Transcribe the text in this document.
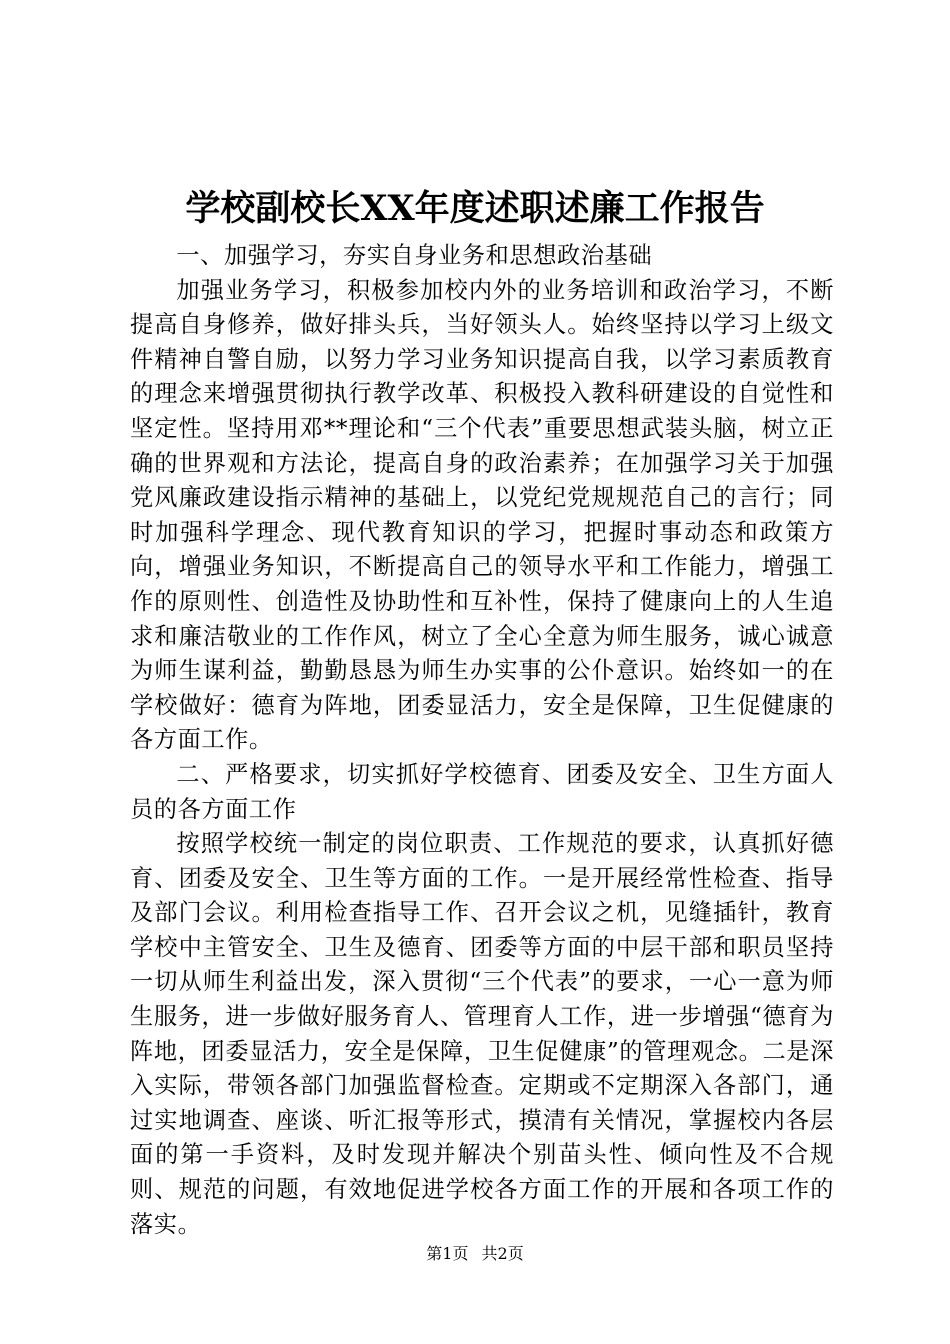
学校副校长XX年度述职述廉工作报告

一、加强学习，夯实自身业务和思想政治基础

加强业务学习，积极参加校内外的业务培训和政治学习，不断提高自身修养，做好排头兵，当好领头人。始终坚持以学习上级文件精神自警自励，以努力学习业务知识提高自我，以学习素质教育的理念来增强贯彻执行教学改革、积极投入教科研建设的自觉性和坚定性。坚持用邓**理论和“三个代表”重要思想武装头脑，树立正确的世界观和方法论，提高自身的政治素养；在加强学习关于加强党风廉政建设指示精神的基础上，以党纪党规规范自己的言行；同时加强科学理念、现代教育知识的学习，把握时事动态和政策方向，增强业务知识，不断提高自己的领导水平和工作能力，增强工作的原则性、创造性及协助性和互补性，保持了健康向上的人生追求和廉洁敬业的工作作风，树立了全心全意为师生服务，诚心诚意为师生谋利益，勤勤恳恳为师生办实事的公仆意识。始终如一的在学校做好：德育为阵地，团委显活力，安全是保障，卫生促健康的各方面工作。

二、严格要求，切实抓好学校德育、团委及安全、卫生方面人员的各方面工作

按照学校统一制定的岗位职责、工作规范的要求，认真抓好德育、团委及安全、卫生等方面的工作。一是开展经常性检查、指导及部门会议。利用检查指导工作、召开会议之机，见缝插针，教育学校中主管安全、卫生及德育、团委等方面的中层干部和职员坚持一切从师生利益出发，深入贯彻“三个代表”的要求，一心一意为师生服务，进一步做好服务育人、管理育人工作，进一步增强“德育为阵地，团委显活力，安全是保障，卫生促健康”的管理观念。二是深入实际，带领各部门加强监督检查。定期或不定期深入各部门，通过实地调查、座谈、听汇报等形式，摸清有关情况，掌握校内各层面的第一手资料，及时发现并解决个别苗头性、倾向性及不合规则、规范的问题，有效地促进学校各方面工作的开展和各项工作的落实。

第1页 共2页
